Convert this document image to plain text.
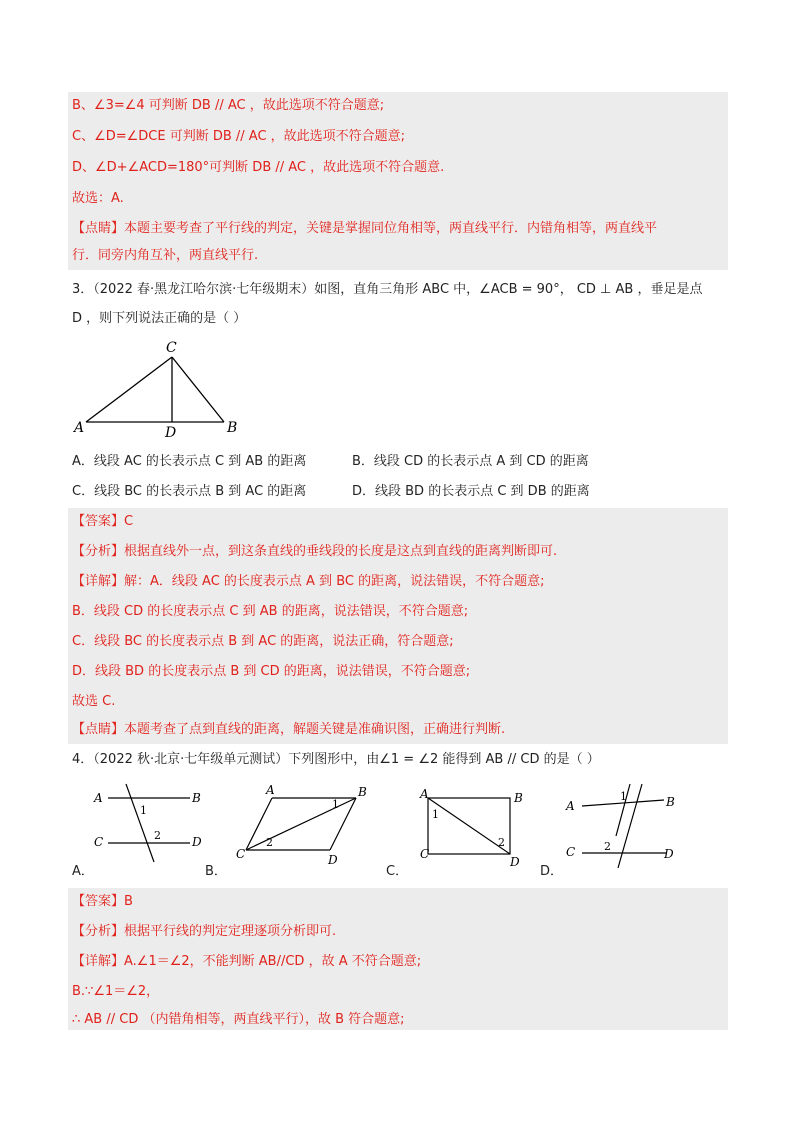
B、∠3=∠4 可判断 DB // AC ，故此选项不符合题意;
C、∠D=∠DCE 可判断 DB // AC ，故此选项不符合题意;
D、∠D+∠ACD=180°可判断 DB // AC ，故此选项不符合题意.
故选：A.
【点睛】本题主要考查了平行线的判定，关键是掌握同位角相等，两直线平行．内错角相等，两直线平
行．同旁内角互补，两直线平行.
3．（2022 春·黑龙江哈尔滨·七年级期末）如图，直角三角形 ABC 中，∠ACB = 90°， CD ⊥ AB ，垂足是点
D ，则下列说法正确的是（ ）
C
A	D	B
A．线段 AC 的长表示点 C 到 AB 的距离	B．线段 CD 的长表示点 A 到 CD 的距离
C．线段 BC 的长表示点 B 到 AC 的距离	D．线段 BD 的长表示点 C 到 DB 的距离
【答案】C
【分析】根据直线外一点，到这条直线的垂线段的长度是这点到直线的距离判断即可.
【详解】解：A．线段 AC 的长度表示点 A 到 BC 的距离，说法错误，不符合题意;
B．线段 CD 的长度表示点 C 到 AB 的距离，说法错误，不符合题意;
C．线段 BC 的长度表示点 B 到 AC 的距离，说法正确，符合题意;
D．线段 BD 的长度表示点 B 到 CD 的距离，说法错误，不符合题意;
故选 C.
【点睛】本题考查了点到直线的距离，解题关键是准确识图，正确进行判断.
4．（2022 秋·北京·七年级单元测试）下列图形中，由∠1 = ∠2 能得到 AB // CD 的是（ ）
A	B
C	D
1
2
A	B
C	D
1
2
A	B
C
D
1
2
A	B
C	D
1
2
A．	B．	C．	D．
【答案】B
【分析】根据平行线的判定定理逐项分析即可.
【详解】A.∠1＝∠2，不能判断 AB//CD ，故 A 不符合题意;
B.∵∠1＝∠2，
∴ AB // CD （内错角相等，两直线平行），故 B 符合题意;
